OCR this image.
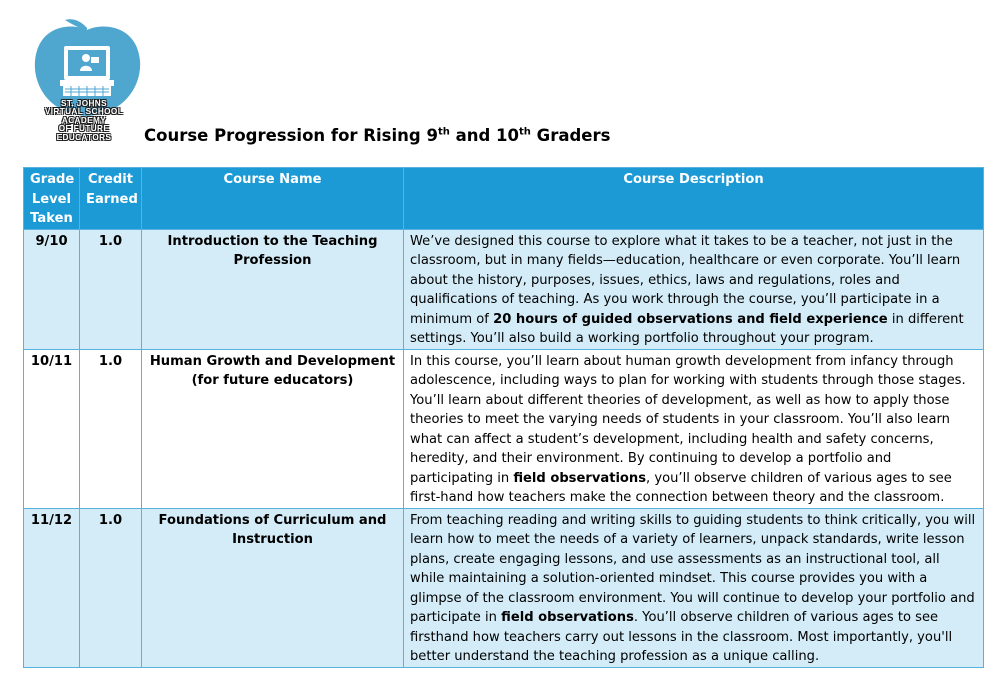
ST. JOHNS
VIRTUAL SCHOOL
ACADEMY
OF FUTURE
EDUCATORS	Course Progression for Rising 9th and 10th Graders
Grade Level Taken	Credit Earned	Course Name	Course Description
9/10	1.0	Introduction to the Teaching Profession	We’ve designed this course to explore what it takes to be a teacher, not just in the classroom, but in many fields—education, healthcare or even corporate. You’ll learn about the history, purposes, issues, ethics, laws and regulations, roles and qualifications of teaching. As you work through the course, you’ll participate in a minimum of 20 hours of guided observations and field experience in different settings. You’ll also build a working portfolio throughout your program.
10/11	1.0	Human Growth and Development (for future educators)	In this course, you’ll learn about human growth development from infancy through adolescence, including ways to plan for working with students through those stages. You’ll learn about different theories of development, as well as how to apply those theories to meet the varying needs of students in your classroom. You’ll also learn what can affect a student’s development, including health and safety concerns, heredity, and their environment. By continuing to develop a portfolio and participating in field observations, you’ll observe children of various ages to see first-hand how teachers make the connection between theory and the classroom.
11/12	1.0	Foundations of Curriculum and Instruction	From teaching reading and writing skills to guiding students to think critically, you will learn how to meet the needs of a variety of learners, unpack standards, write lesson plans, create engaging lessons, and use assessments as an instructional tool, all while maintaining a solution-oriented mindset. This course provides you with a glimpse of the classroom environment. You will continue to develop your portfolio and participate in field observations. You’ll observe children of various ages to see firsthand how teachers carry out lessons in the classroom. Most importantly, you'll better understand the teaching profession as a unique calling.
